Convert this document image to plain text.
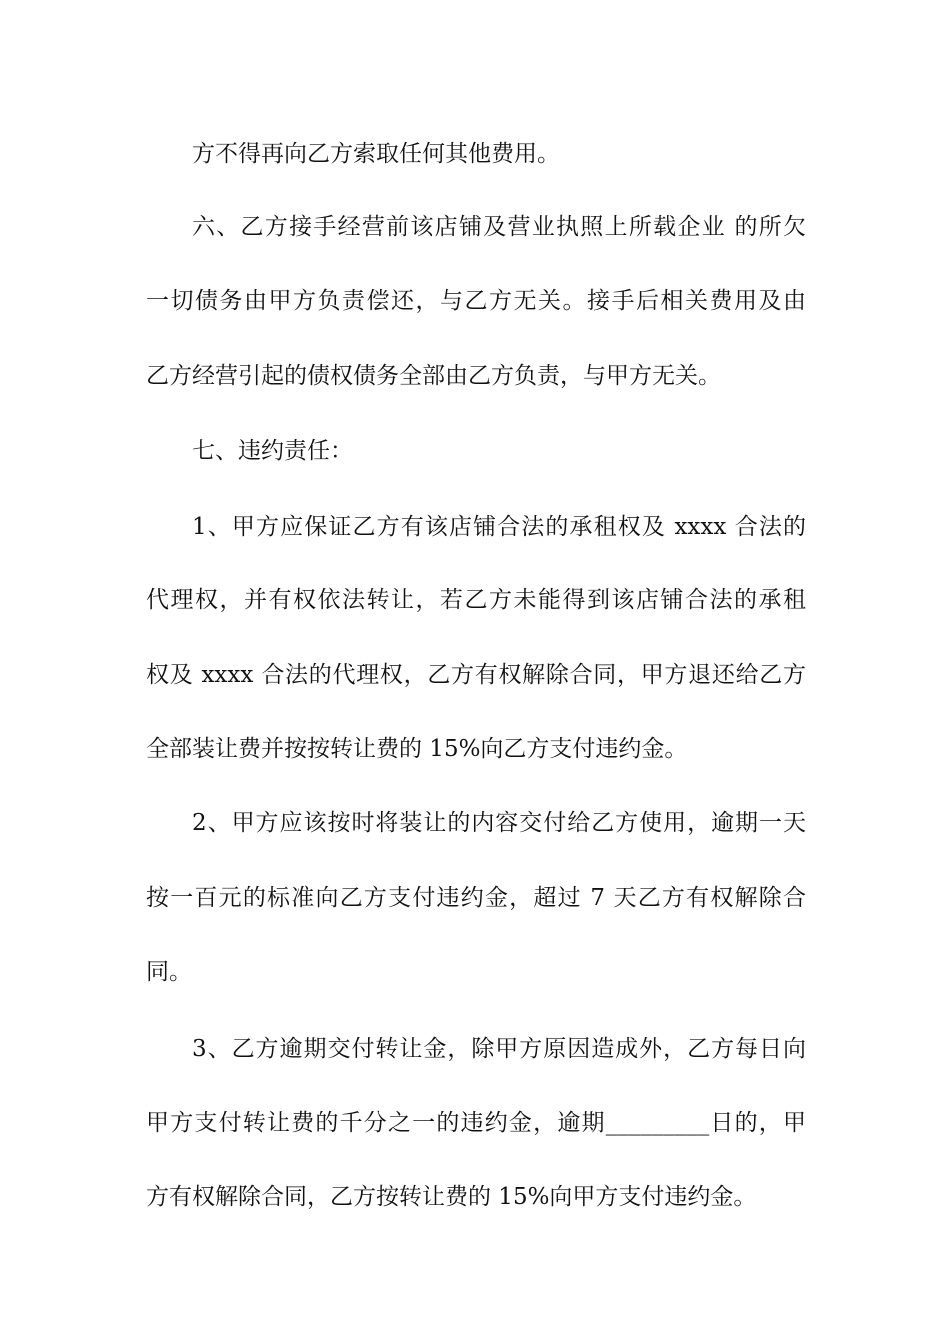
方不得再向乙方索取任何其他费用。

六、乙方接手经营前该店铺及营业执照上所载企业 的所欠

一切债务由甲方负责偿还，与乙方无关。接手后相关费用及由

乙方经营引起的债权债务全部由乙方负责，与甲方无关。

七、违约责任：

1、甲方应保证乙方有该店铺合法的承租权及 xxxx 合法的

代理权，并有权依法转让，若乙方未能得到该店铺合法的承租

权及 xxxx 合法的代理权，乙方有权解除合同，甲方退还给乙方

全部装让费并按按转让费的 15%向乙方支付违约金。

2、甲方应该按时将装让的内容交付给乙方使用，逾期一天

按一百元的标准向乙方支付违约金，超过 7 天乙方有权解除合

同。

3、乙方逾期交付转让金，除甲方原因造成外，乙方每日向

甲方支付转让费的千分之一的违约金，逾期_________日的，甲

方有权解除合同，乙方按转让费的 15%向甲方支付违约金。
